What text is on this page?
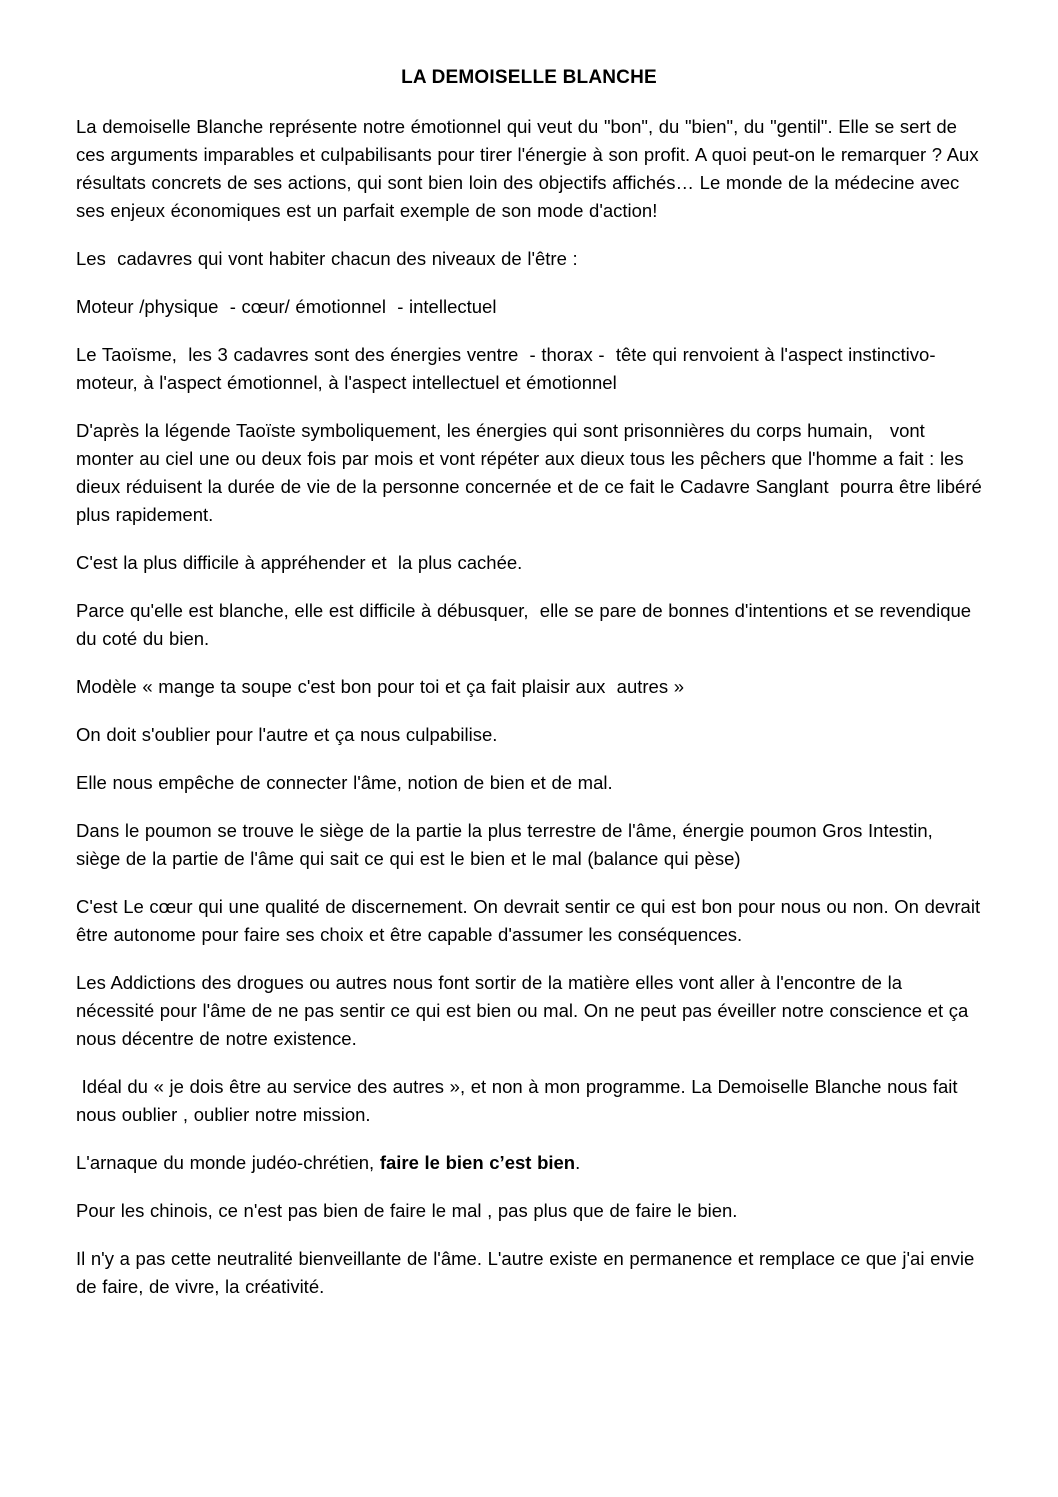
LA DEMOISELLE BLANCHE

La demoiselle Blanche représente notre émotionnel qui veut du "bon", du "bien", du "gentil". Elle se sert de ces arguments imparables et culpabilisants pour tirer l'énergie à son profit. A quoi peut-on le remarquer ? Aux résultats concrets de ses actions, qui sont bien loin des objectifs affichés… Le monde de la médecine avec ses enjeux économiques est un parfait exemple de son mode d'action!

Les  cadavres qui vont habiter chacun des niveaux de l'être :

Moteur /physique  - cœur/ émotionnel  - intellectuel

Le Taoïsme,  les 3 cadavres sont des énergies ventre  - thorax -  tête qui renvoient à l'aspect instinctivo-moteur, à l'aspect émotionnel, à l'aspect intellectuel et émotionnel

D'après la légende Taoïste symboliquement, les énergies qui sont prisonnières du corps humain,   vont monter au ciel une ou deux fois par mois et vont répéter aux dieux tous les pêchers que l'homme a fait : les dieux réduisent la durée de vie de la personne concernée et de ce fait le Cadavre Sanglant  pourra être libéré plus rapidement.

C'est la plus difficile à appréhender et  la plus cachée.

Parce qu'elle est blanche, elle est difficile à débusquer,  elle se pare de bonnes d'intentions et se revendique du coté du bien.

Modèle « mange ta soupe c'est bon pour toi et ça fait plaisir aux  autres »

On doit s'oublier pour l'autre et ça nous culpabilise.

Elle nous empêche de connecter l'âme, notion de bien et de mal.

Dans le poumon se trouve le siège de la partie la plus terrestre de l'âme, énergie poumon Gros Intestin,  siège de la partie de l'âme qui sait ce qui est le bien et le mal (balance qui pèse)

C'est Le cœur qui une qualité de discernement. On devrait sentir ce qui est bon pour nous ou non. On devrait être autonome pour faire ses choix et être capable d'assumer les conséquences.

Les Addictions des drogues ou autres nous font sortir de la matière elles vont aller à l'encontre de la nécessité pour l'âme de ne pas sentir ce qui est bien ou mal. On ne peut pas éveiller notre conscience et ça nous décentre de notre existence.

Idéal du « je dois être au service des autres », et non à mon programme. La Demoiselle Blanche nous fait nous oublier , oublier notre mission.

L'arnaque du monde judéo-chrétien, faire le bien c’est bien.

Pour les chinois, ce n'est pas bien de faire le mal , pas plus que de faire le bien.

Il n'y a pas cette neutralité bienveillante de l'âme. L'autre existe en permanence et remplace ce que j'ai envie de faire, de vivre, la créativité.
